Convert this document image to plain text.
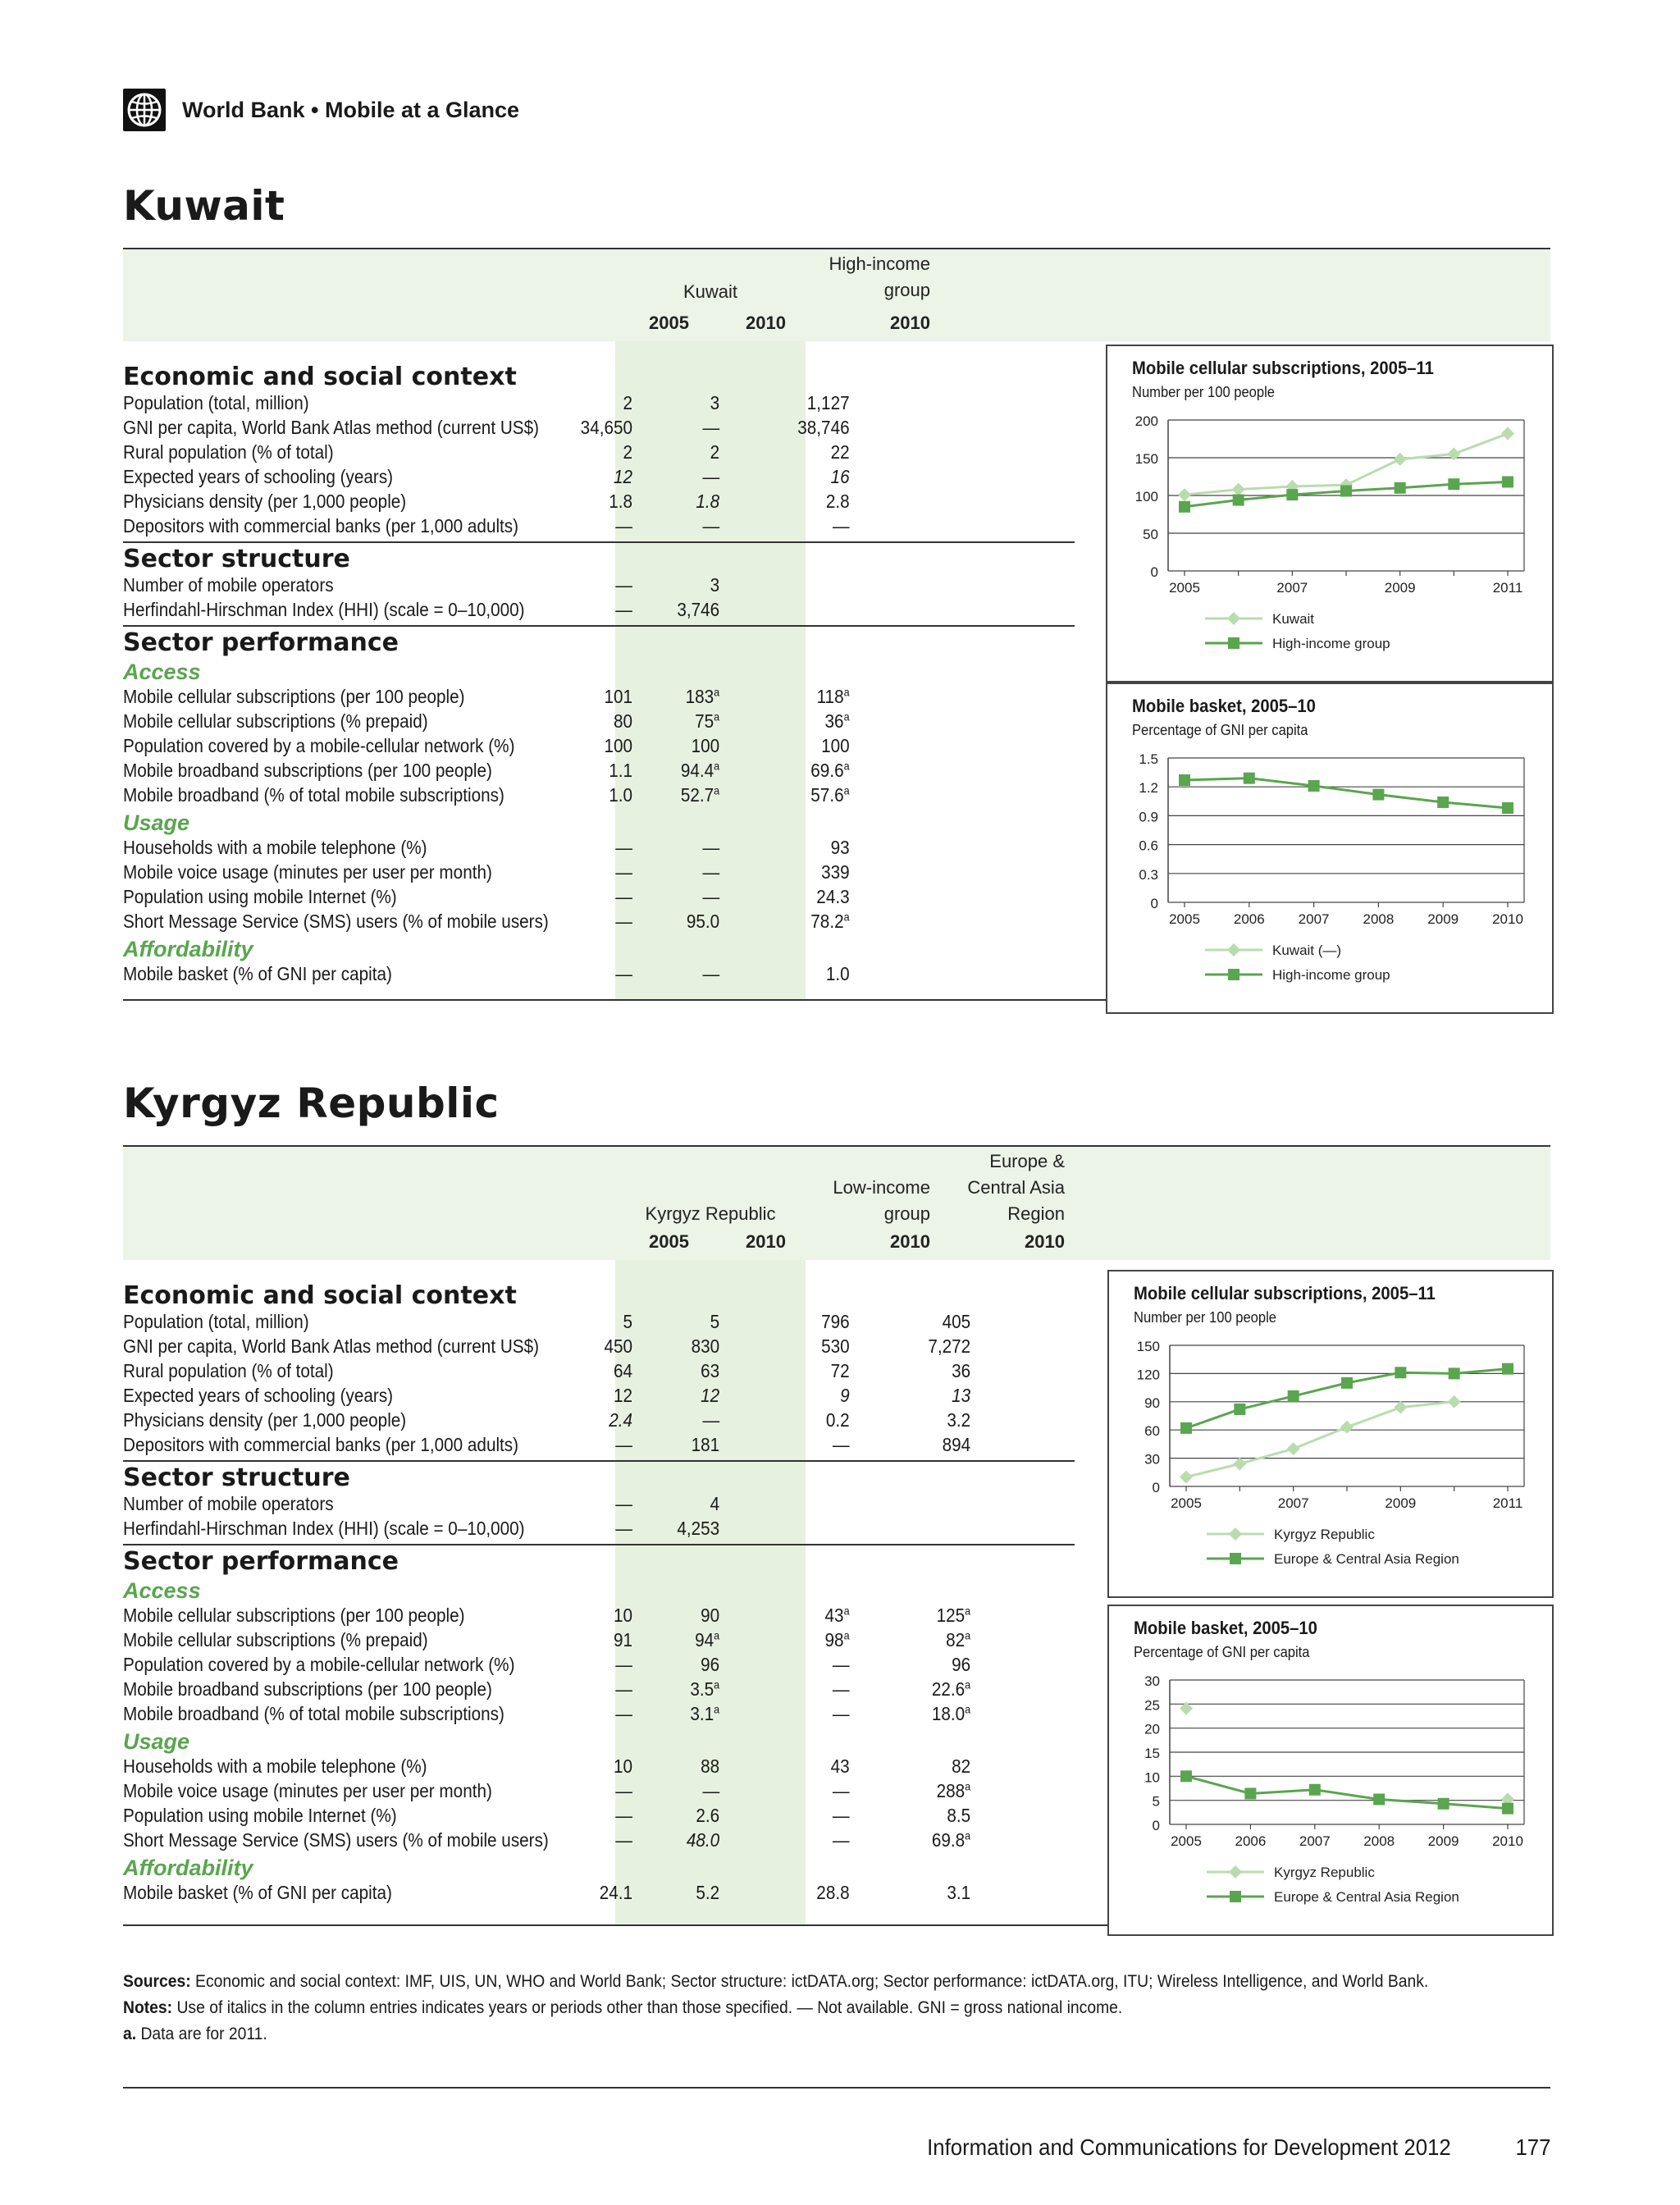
World Bank • Mobile at a Glance
Kuwait
Kuwait
2005	2010
High-income
group
2010
Economic and social context
Population (total, million)	2	3	1,127
GNI per capita, World Bank Atlas method (current US$)	34,650	—	38,746
Rural population (% of total)	2	2	22
Expected years of schooling (years)	12	—	16
Physicians density (per 1,000 people)	1.8	1.8	2.8
Depositors with commercial banks (per 1,000 adults)	—	—	—
Sector structure
Number of mobile operators	—	3
Herfindahl-Hirschman Index (HHI) (scale = 0–10,000)	—	3,746
Sector performance
Access
Mobile cellular subscriptions (per 100 people)	101	183$^a$	118$^a$
Mobile cellular subscriptions (% prepaid)	80	75$^a$	36$^a$
Population covered by a mobile-cellular network (%)	100	100	100
Mobile broadband subscriptions (per 100 people)	1.1	94.4$^a$	69.6$^a$
Mobile broadband (% of total mobile subscriptions)	1.0	52.7$^a$	57.6$^a$
Usage
Households with a mobile telephone (%)	—	—	93
Mobile voice usage (minutes per user per month)	—	—	339
Population using mobile Internet (%)	—	—	24.3
Short Message Service (SMS) users (% of mobile users)	—	95.0	78.2$^a$
Affordability
Mobile basket (% of GNI per capita)	—	—	1.0
Mobile cellular subscriptions, 2005–11
Number per 100 people
0
50
100
150
200
2005	2007	2009	2011
Kuwait
High-income group
Mobile basket, 2005–10
Percentage of GNI per capita
0
0.3
0.6
0.9
1.2
1.5
2005 2006 2007 2008 2009 2010
Kuwait (—)
High-income group
Kyrgyz Republic
Kyrgyz Republic
2005	2010
Low-income
group
2010
Europe &
Central Asia
Region
2010
Economic and social context
Population (total, million)	5	5	796	405
GNI per capita, World Bank Atlas method (current US$)	450	830	530	7,272
Rural population (% of total)	64	63	72	36
Expected years of schooling (years)	12	12	9	13
Physicians density (per 1,000 people)	2.4	—	0.2	3.2
Depositors with commercial banks (per 1,000 adults)	—	181	—	894
Sector structure
Number of mobile operators	—	4
Herfindahl-Hirschman Index (HHI) (scale = 0–10,000)	—	4,253
Sector performance
Access
Mobile cellular subscriptions (per 100 people)	10	90	43$^a$	125$^a$
Mobile cellular subscriptions (% prepaid)	91	94$^a$	98$^a$	82$^a$
Population covered by a mobile-cellular network (%)	—	96	—	96
Mobile broadband subscriptions (per 100 people)	—	3.5$^a$	—	22.6$^a$
Mobile broadband (% of total mobile subscriptions)	—	3.1$^a$	—	18.0$^a$
Usage
Households with a mobile telephone (%)	10	88	43	82
Mobile voice usage (minutes per user per month)	—	—	—	288$^a$
Population using mobile Internet (%)	—	2.6	—	8.5
Short Message Service (SMS) users (% of mobile users)	—	48.0	—	69.8$^a$
Affordability
Mobile basket (% of GNI per capita)	24.1	5.2	28.8	3.1
Mobile cellular subscriptions, 2005–11
Number per 100 people
0
30
60
90
120
150
2005	2007	2009	2011
Kyrgyz Republic
Europe & Central Asia Region
Mobile basket, 2005–10
Percentage of GNI per capita
0
5
10
15
20
25
30
2005 2006 2007 2008 2009 2010
Kyrgyz Republic
Europe & Central Asia Region
Sources: Economic and social context: IMF, UIS, UN, WHO and World Bank; Sector structure: ictDATA.org; Sector performance: ictDATA.org, ITU; Wireless Intelligence, and World Bank.
Notes: Use of italics in the column entries indicates years or periods other than those specified. — Not available. GNI = gross national income.
a. Data are for 2011.
Information and Communications for Development 2012	177
